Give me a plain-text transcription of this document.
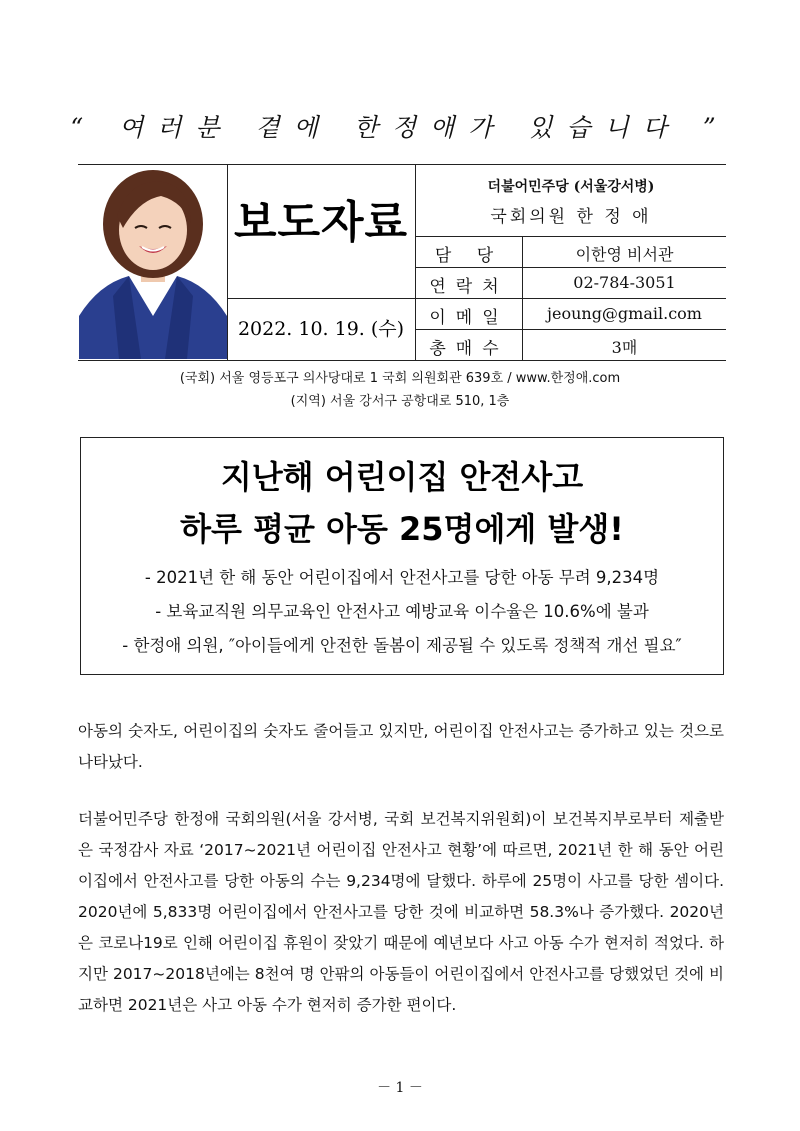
“ 여러분 곁에 한정애가 있습니다 ”
보도자료
2022. 10. 19. (수)
더불어민주당 (서울강서병)
국회의원 한 정 애
담 당	이한영 비서관
연락처	02-784-3051
이메일	jeoung@gmail.com
총매수	3매
(국회) 서울 영등포구 의사당대로 1 국회 의원회관 639호 / www.한정애.com
(지역) 서울 강서구 공항대로 510, 1층
지난해 어린이집 안전사고
하루 평균 아동 25명에게 발생!
- 2021년 한 해 동안 어린이집에서 안전사고를 당한 아동 무려 9,234명
- 보육교직원 의무교육인 안전사고 예방교육 이수율은 10.6%에 불과
- 한정애 의원, ″아이들에게 안전한 돌봄이 제공될 수 있도록 정책적 개선 필요″

아동의 숫자도, 어린이집의 숫자도 줄어들고 있지만, 어린이집 안전사고는 증가하고 있는 것으로 나타났다.

더불어민주당 한정애 국회의원(서울 강서병, 국회 보건복지위원회)이 보건복지부로부터 제출받은 국정감사 자료 ‘2017~2021년 어린이집 안전사고 현황’에 따르면, 2021년 한 해 동안 어린이집에서 안전사고를 당한 아동의 수는 9,234명에 달했다. 하루에 25명이 사고를 당한 셈이다. 2020년에 5,833명 어린이집에서 안전사고를 당한 것에 비교하면 58.3%나 증가했다. 2020년은 코로나19로 인해 어린이집 휴원이 잦았기 때문에 예년보다 사고 아동 수가 현저히 적었다. 하지만 2017~2018년에는 8천여 명 안팎의 아동들이 어린이집에서 안전사고를 당했었던 것에 비교하면 2021년은 사고 아동 수가 현저히 증가한 편이다.

－ 1 －
